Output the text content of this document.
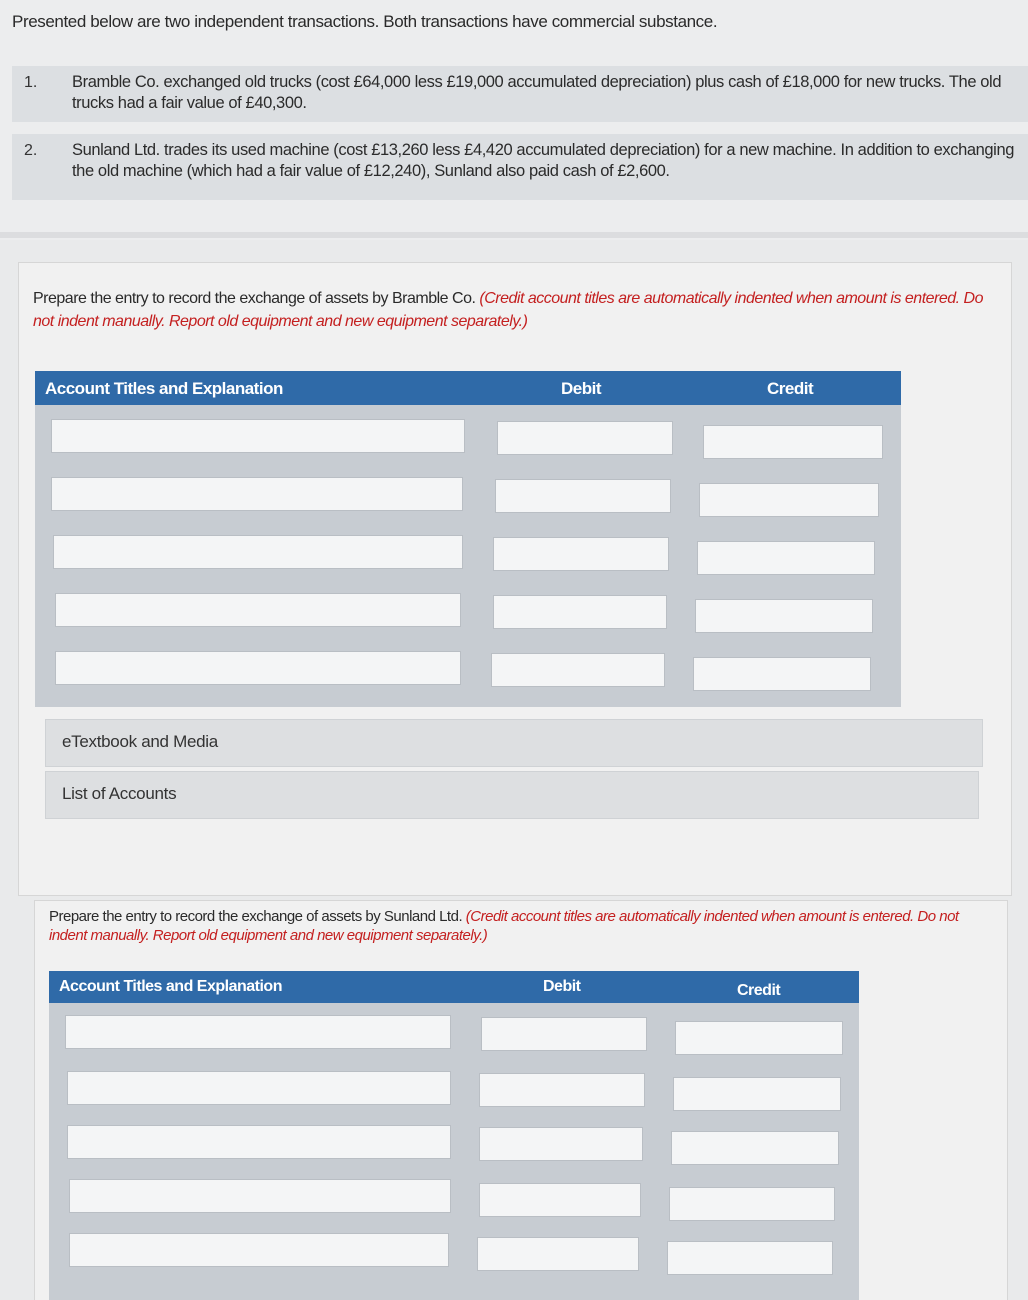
Presented below are two independent transactions. Both transactions have commercial substance.
1. Bramble Co. exchanged old trucks (cost £64,000 less £19,000 accumulated depreciation) plus cash of £18,000 for new trucks. The old trucks had a fair value of £40,300.
2. Sunland Ltd. trades its used machine (cost £13,260 less £4,420 accumulated depreciation) for a new machine. In addition to exchanging the old machine (which had a fair value of £12,240), Sunland also paid cash of £2,600.
Prepare the entry to record the exchange of assets by Bramble Co. (Credit account titles are automatically indented when amount is entered. Do not indent manually. Report old equipment and new equipment separately.)
Account Titles and Explanation	Debit	Credit
eTextbook and Media
List of Accounts
Prepare the entry to record the exchange of assets by Sunland Ltd. (Credit account titles are automatically indented when amount is entered. Do not indent manually. Report old equipment and new equipment separately.)
Account Titles and Explanation	Debit	Credit
